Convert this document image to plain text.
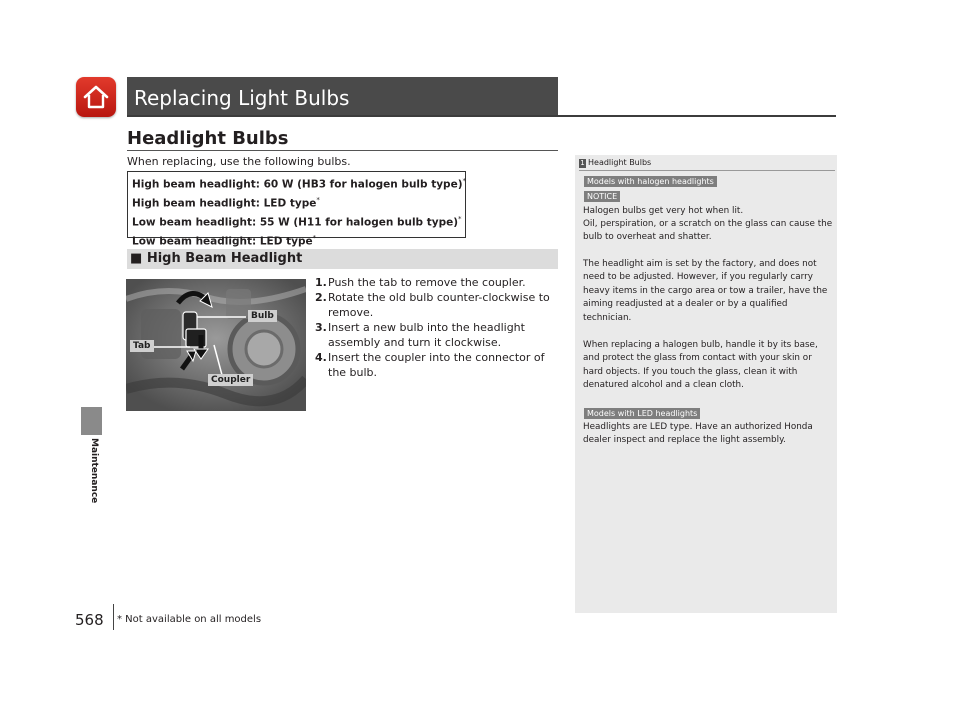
Replacing Light Bulbs
Maintenance
Headlight Bulbs
When replacing, use the following bulbs.
High beam headlight: 60 W (HB3 for halogen bulb type)*
High beam headlight: LED type*
Low beam headlight: 55 W (H11 for halogen bulb type)*
Low beam headlight: LED type*
■ High Beam Headlight
Bulb
Tab
Coupler
1. Push the tab to remove the coupler.
2. Rotate the old bulb counter-clockwise to remove.
3. Insert a new bulb into the headlight assembly and turn it clockwise.
4. Insert the coupler into the connector of the bulb.
1 Headlight Bulbs
Models with halogen headlights
NOTICE
Halogen bulbs get very hot when lit.
Oil, perspiration, or a scratch on the glass can cause the bulb to overheat and shatter.
The headlight aim is set by the factory, and does not need to be adjusted. However, if you regularly carry heavy items in the cargo area or tow a trailer, have the aiming readjusted at a dealer or by a qualified technician.
When replacing a halogen bulb, handle it by its base, and protect the glass from contact with your skin or hard objects. If you touch the glass, clean it with denatured alcohol and a clean cloth.
Models with LED headlights
Headlights are LED type. Have an authorized Honda dealer inspect and replace the light assembly.
568 * Not available on all models
